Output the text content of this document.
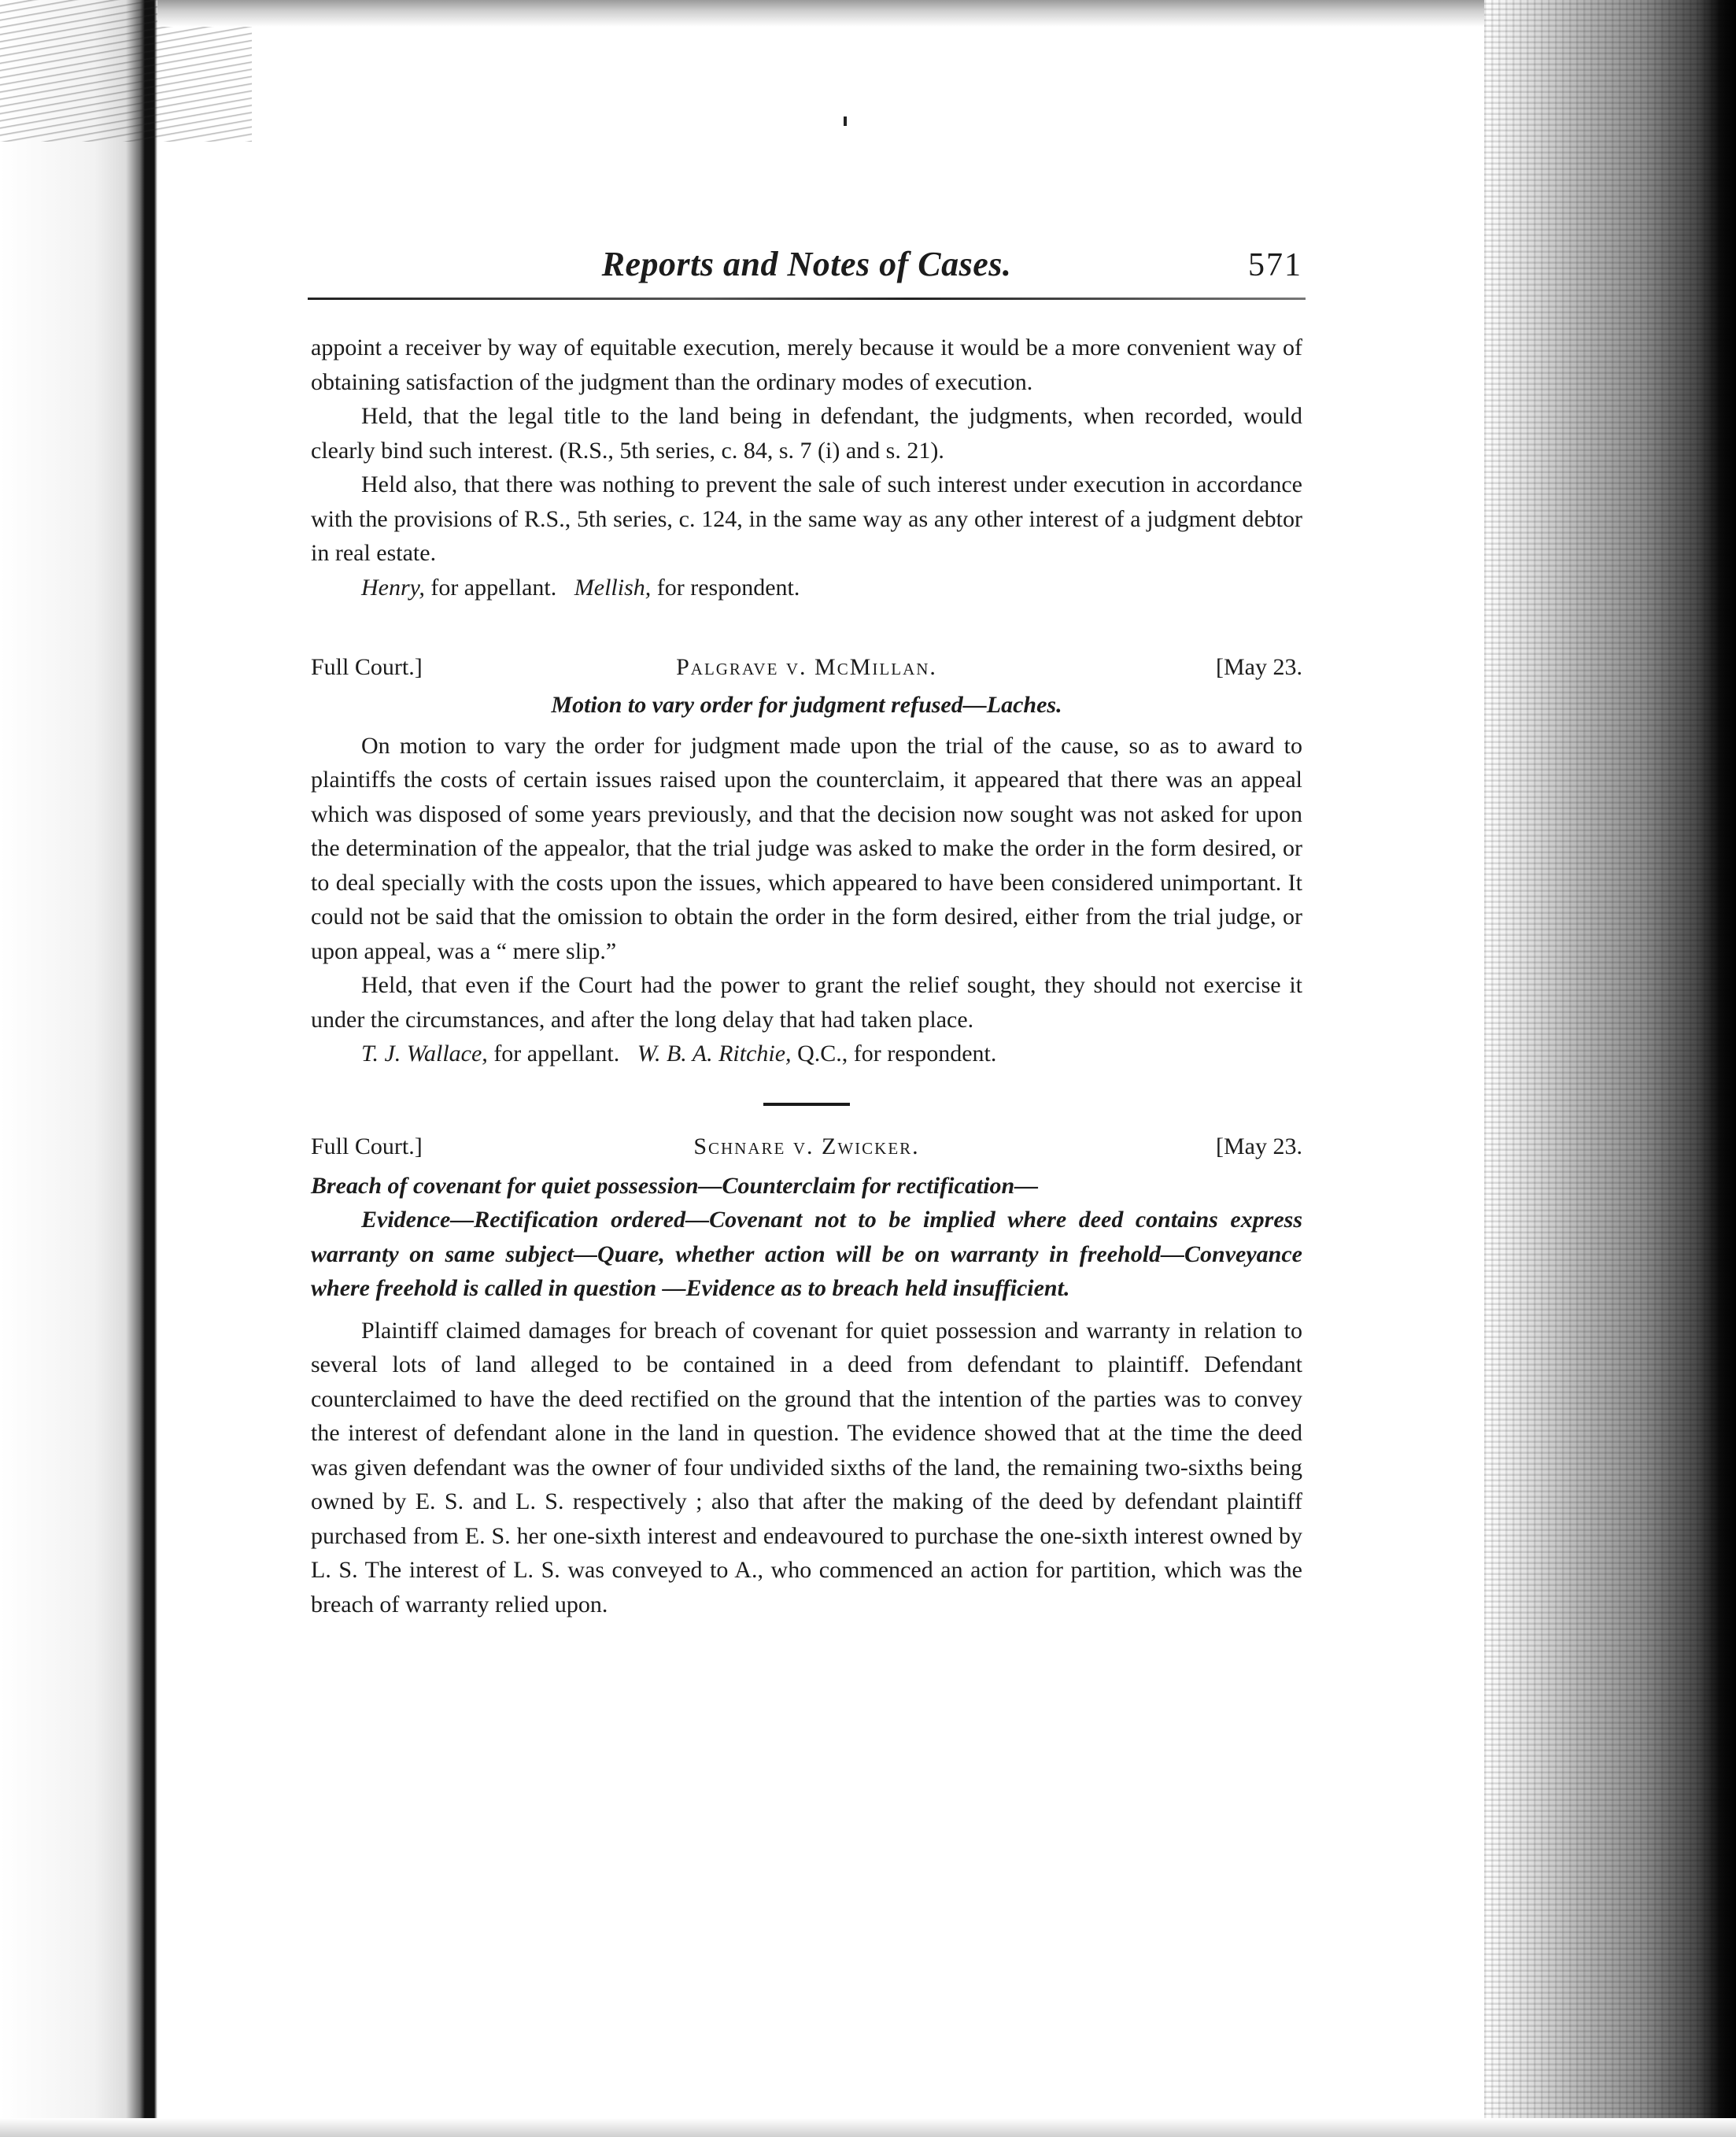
Reports and Notes of Cases.	571

appoint a receiver by way of equitable execution, merely because it would be a more convenient way of obtaining satisfaction of the judgment than the ordinary modes of execution.

Held, that the legal title to the land being in defendant, the judgments, when recorded, would clearly bind such interest. (R.S., 5th series, c. 84, s. 7 (i) and s. 21).

Held also, that there was nothing to prevent the sale of such interest under execution in accordance with the provisions of R.S., 5th series, c. 124, in the same way as any other interest of a judgment debtor in real estate.

Henry, for appellant. Mellish, for respondent.

Full Court.]	Palgrave v. McMillan.	[May 23.
Motion to vary order for judgment refused—Laches.

On motion to vary the order for judgment made upon the trial of the cause, so as to award to plaintiffs the costs of certain issues raised upon the counterclaim, it appeared that there was an appeal which was disposed of some years previously, and that the decision now sought was not asked for upon the determination of the appealor, that the trial judge was asked to make the order in the form desired, or to deal specially with the costs upon the issues, which appeared to have been considered unimportant. It could not be said that the omission to obtain the order in the form desired, either from the trial judge, or upon appeal, was a “ mere slip.”

Held, that even if the Court had the power to grant the relief sought, they should not exercise it under the circumstances, and after the long delay that had taken place.

T. J. Wallace, for appellant. W. B. A. Ritchie, Q.C., for respondent.

Full Court.]	Schnare v. Zwicker.	[May 23.
Breach of covenant for quiet possession—Counterclaim for rectification—
Evidence—Rectification ordered—Covenant not to be implied where deed contains express warranty on same subject—Quare, whether action will be on warranty in freehold—Conveyance where freehold is called in question —Evidence as to breach held insufficient.

Plaintiff claimed damages for breach of covenant for quiet possession and warranty in relation to several lots of land alleged to be contained in a deed from defendant to plaintiff. Defendant counterclaimed to have the deed rectified on the ground that the intention of the parties was to convey the interest of defendant alone in the land in question. The evidence showed that at the time the deed was given defendant was the owner of four undivided sixths of the land, the remaining two-sixths being owned by E. S. and L. S. respectively ; also that after the making of the deed by defendant plaintiff purchased from E. S. her one-sixth interest and endeavoured to purchase the one-sixth interest owned by L. S. The interest of L. S. was conveyed to A., who commenced an action for partition, which was the breach of warranty relied upon.
